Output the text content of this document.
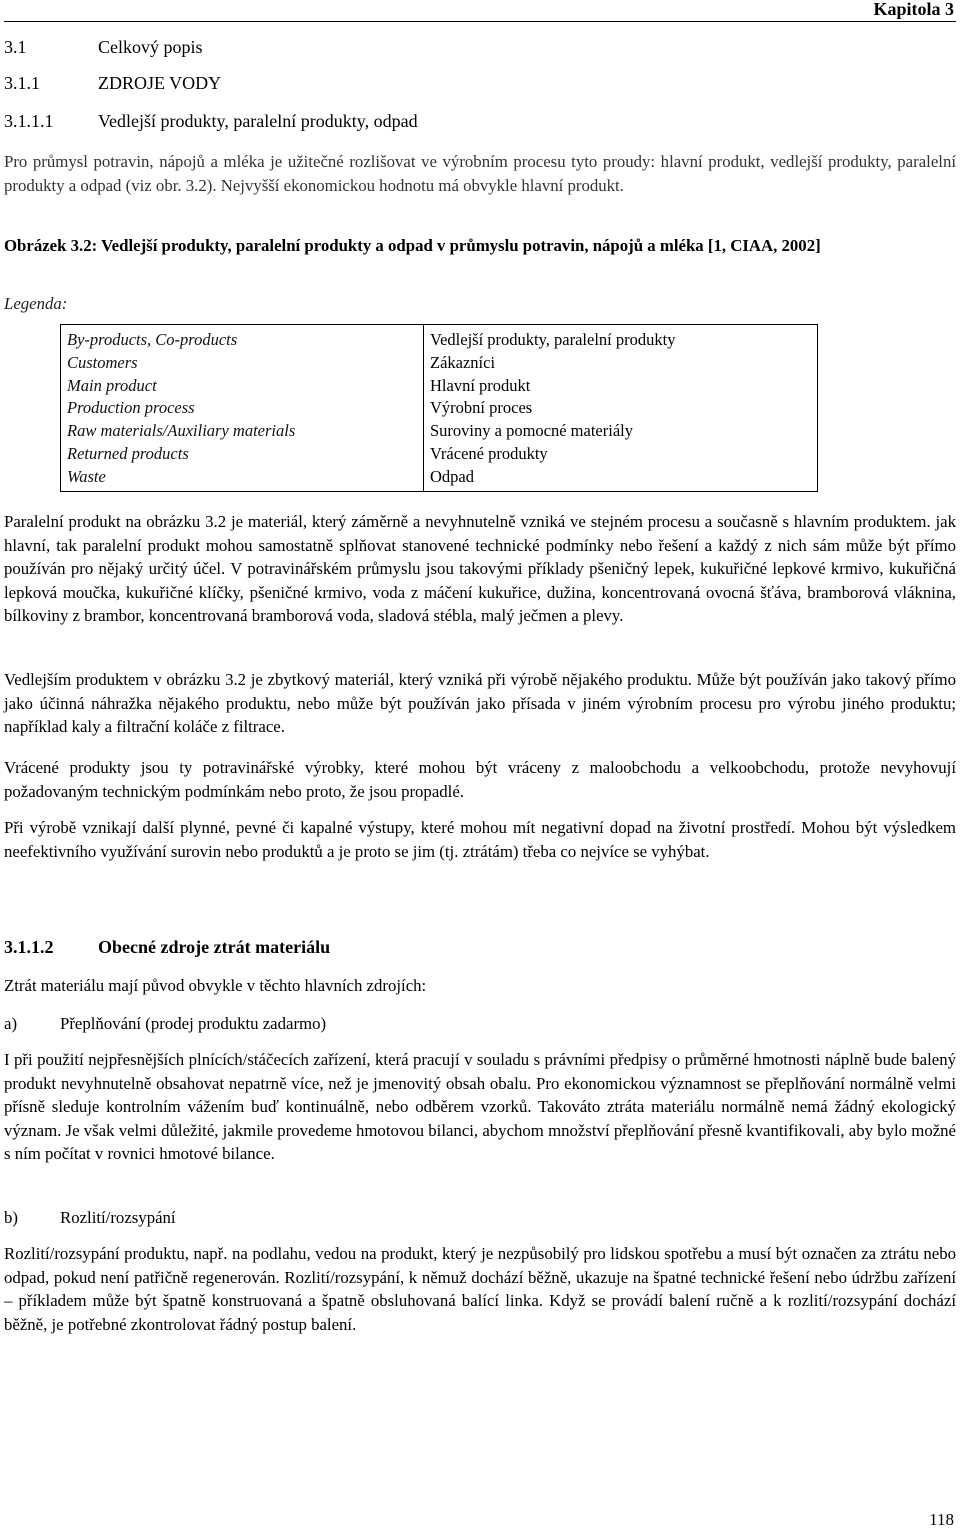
Kapitola 3
3.1	Celkový popis
3.1.1	ZDROJE VODY
3.1.1.1 Vedlejší produkty, paralelní produkty, odpad

Pro průmysl potravin, nápojů a mléka je užitečné rozlišovat ve výrobním procesu tyto proudy: hlavní produkt, vedlejší produkty, paralelní produkty a odpad (viz obr. 3.2). Nejvyšší ekonomickou hodnotu má obvykle hlavní produkt.

Obrázek 3.2: Vedlejší produkty, paralelní produkty a odpad v průmyslu potravin, nápojů a mléka [1, CIAA, 2002]
Legenda:
By-products, Co-products	Vedlejší produkty, paralelní produkty
Customers	Zákazníci
Main product	Hlavní produkt
Production process	Výrobní proces
Raw materials/Auxiliary materials	Suroviny a pomocné materiály
Returned products	Vrácené produkty
Waste	Odpad

Paralelní produkt na obrázku 3.2 je materiál, který záměrně a nevyhnutelně vzniká ve stejném procesu a současně s hlavním produktem. jak hlavní, tak paralelní produkt mohou samostatně splňovat stanovené technické podmínky nebo řešení a každý z nich sám může být přímo používán pro nějaký určitý účel. V potravinářském průmyslu jsou takovými příklady pšeničný lepek, kukuřičné lepkové krmivo, kukuřičná lepková moučka, kukuřičné klíčky, pšeničné krmivo, voda z máčení kukuřice, dužina, koncentrovaná ovocná šťáva, bramborová vláknina, bílkoviny z brambor, koncentrovaná bramborová voda, sladová stébla, malý ječmen a plevy.

Vedlejším produktem v obrázku 3.2 je zbytkový materiál, který vzniká při výrobě nějakého produktu. Může být používán jako takový přímo jako účinná náhražka nějakého produktu, nebo může být používán jako přísada v jiném výrobním procesu pro výrobu jiného produktu; například kaly a filtrační koláče z filtrace.

Vrácené produkty jsou ty potravinářské výrobky, které mohou být vráceny z maloobchodu a velkoobchodu, protože nevyhovují požadovaným technickým podmínkám nebo proto, že jsou propadlé.

Při výrobě vznikají další plynné, pevné či kapalné výstupy, které mohou mít negativní dopad na životní prostředí. Mohou být výsledkem neefektivního využívání surovin nebo produktů a je proto se jim (tj. ztrátám) třeba co nejvíce se vyhýbat.

3.1.1.2 Obecné zdroje ztrát materiálu

Ztrát materiálu mají původ obvykle v těchto hlavních zdrojích:

a)	Přeplňování (prodej produktu zadarmo)

I při použití nejpřesnějších plnících/stáčecích zařízení, která pracují v souladu s právními předpisy o průměrné hmotnosti náplně bude balený produkt nevyhnutelně obsahovat nepatrně více, než je jmenovitý obsah obalu. Pro ekonomickou významnost se přeplňování normálně velmi přísně sleduje kontrolním vážením buď kontinuálně, nebo odběrem vzorků. Takováto ztráta materiálu normálně nemá žádný ekologický význam. Je však velmi důležité, jakmile provedeme hmotovou bilanci, abychom množství přeplňování přesně kvantifikovali, aby bylo možné s ním počítat v rovnici hmotové bilance.

b)	Rozlití/rozsypání

Rozlití/rozsypání produktu, např. na podlahu, vedou na produkt, který je nezpůsobilý pro lidskou spotřebu a musí být označen za ztrátu nebo odpad, pokud není patřičně regenerován. Rozlití/rozsypání, k němuž dochází běžně, ukazuje na špatné technické řešení nebo údržbu zařízení – příkladem může být špatně konstruovaná a špatně obsluhovaná balící linka. Když se provádí balení ručně a k rozlití/rozsypání dochází běžně, je potřebné zkontrolovat řádný postup balení.

118
